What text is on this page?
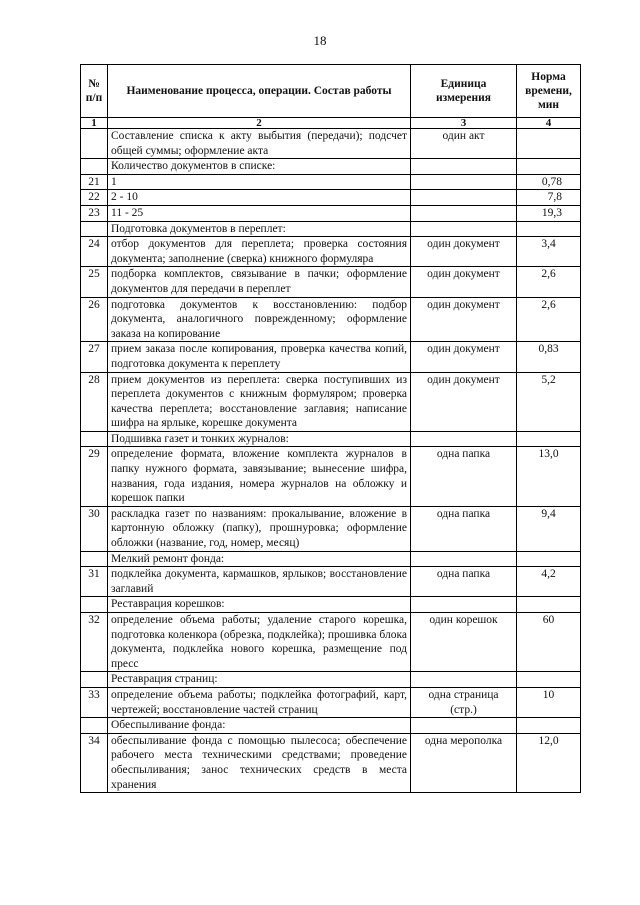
18
№ п/п	Наименование процесса, операции. Состав работы	Единица измерения	Норма времени, мин
1	2	3	4

	Составление списка к акту выбытия (передачи); подсчет общей суммы; оформление акта	один акт	

	Количество документов в списке:		

21	1		0,78
22	2 - 10		7,8
23	11 - 25		19,3

	Подготовка документов в переплет:		

24	отбор документов для переплета; проверка состояния документа; заполнение (сверка) книжного формуляра	один документ	3,4
25	подборка комплектов, связывание в пачки; оформление документов для передачи в переплет	один документ	2,6
26	подготовка документов к восстановлению: подбор документа, аналогичного поврежденному; оформление заказа на копирование	один документ	2,6
27	прием заказа после копирования, проверка качества копий, подготовка документа к переплету	один документ	0,83
28	прием документов из переплета: сверка поступивших из переплета документов с книжным формуляром; проверка качества переплета; восстановление заглавия; написание шифра на ярлыке, корешке документа	один документ	5,2

	Подшивка газет и тонких журналов:		

29	определение формата, вложение комплекта журналов в папку нужного формата, завязывание; вынесение шифра, названия, года издания, номера журналов на обложку и корешок папки	одна папка	13,0
30	раскладка газет по названиям: прокалывание, вложение в картонную обложку (папку), прошнуровка; оформление обложки (название, год, номер, месяц)	одна папка	9,4

	Мелкий ремонт фонда:		

31	подклейка документа, кармашков, ярлыков; восстановление заглавий	одна папка	4,2

	Реставрация корешков:		

32	определение объема работы; удаление старого корешка, подготовка коленкора (обрезка, подклейка); прошивка блока документа, подклейка нового корешка, размещение под пресс	один корешок	60

	Реставрация страниц:		

33	определение объема работы; подклейка фотографий, карт, чертежей; восстановление частей страниц	одна страница (стр.)	10

	Обеспыливание фонда:		

34	обеспыливание фонда с помощью пылесоса; обеспечение рабочего места техническими средствами; проведение обеспыливания; занос технических средств в места хранения	одна мерополка	12,0
